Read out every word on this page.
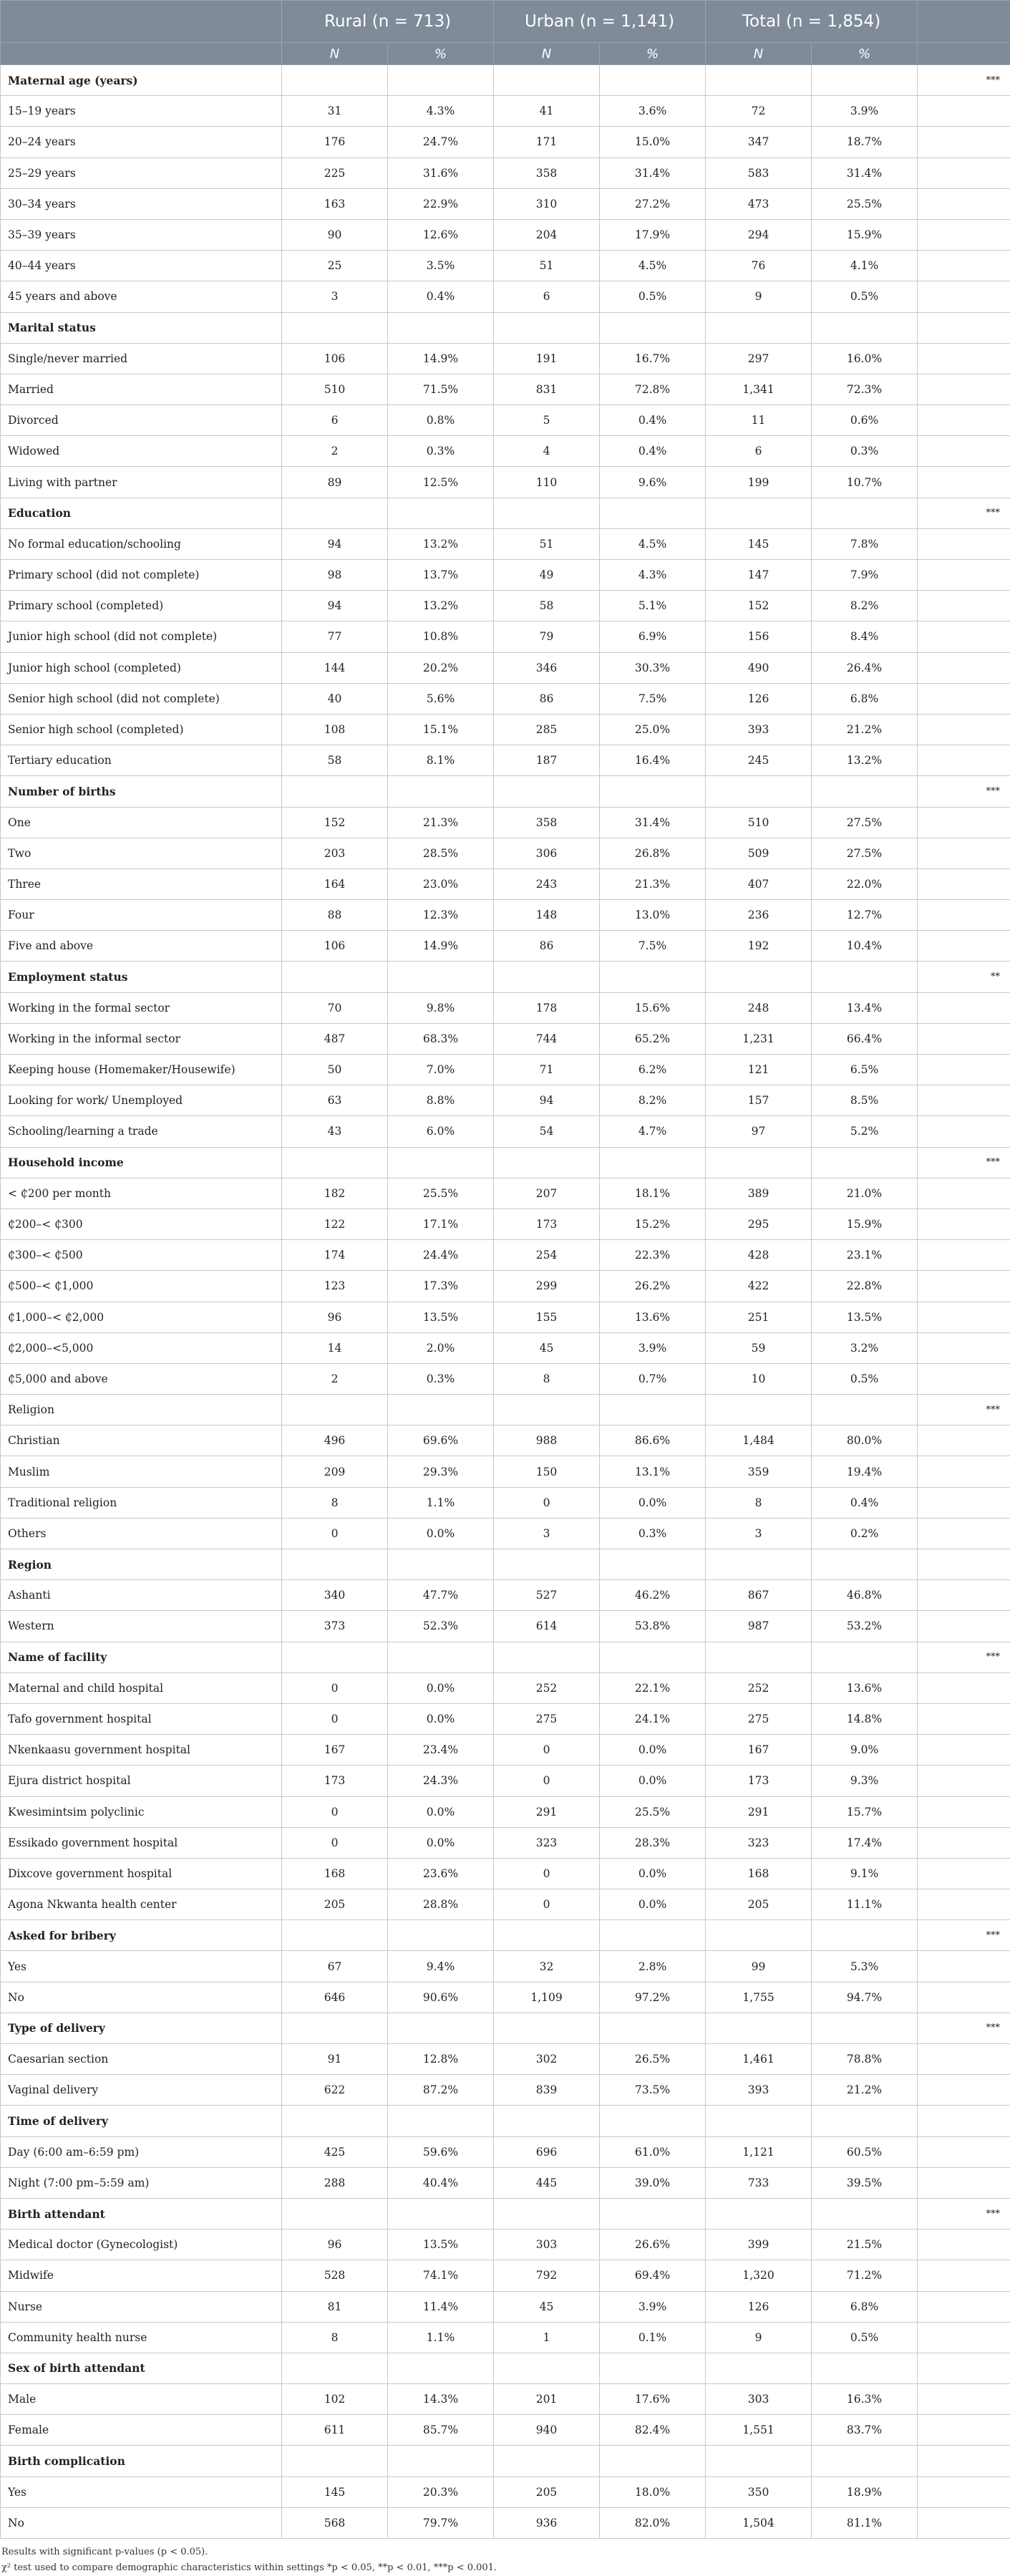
	Rural (n = 713)		Urban (n = 1,141)		Total (n = 1,854)		
	N	%	N	%	N	%	
Maternal age (years)							***
15–19 years	31	4.3%	41	3.6%	72	3.9%	
20–24 years	176	24.7%	171	15.0%	347	18.7%	
25–29 years	225	31.6%	358	31.4%	583	31.4%	
30–34 years	163	22.9%	310	27.2%	473	25.5%	
35–39 years	90	12.6%	204	17.9%	294	15.9%	
40–44 years	25	3.5%	51	4.5%	76	4.1%	
45 years and above	3	0.4%	6	0.5%	9	0.5%	
Marital status							
Single/never married	106	14.9%	191	16.7%	297	16.0%	
Married	510	71.5%	831	72.8%	1,341	72.3%	
Divorced	6	0.8%	5	0.4%	11	0.6%	
Widowed	2	0.3%	4	0.4%	6	0.3%	
Living with partner	89	12.5%	110	9.6%	199	10.7%	
Education							***
No formal education/schooling	94	13.2%	51	4.5%	145	7.8%	
Primary school (did not complete)	98	13.7%	49	4.3%	147	7.9%	
Primary school (completed)	94	13.2%	58	5.1%	152	8.2%	
Junior high school (did not complete)	77	10.8%	79	6.9%	156	8.4%	
Junior high school (completed)	144	20.2%	346	30.3%	490	26.4%	
Senior high school (did not complete)	40	5.6%	86	7.5%	126	6.8%	
Senior high school (completed)	108	15.1%	285	25.0%	393	21.2%	
Tertiary education	58	8.1%	187	16.4%	245	13.2%	
Number of births							***
One	152	21.3%	358	31.4%	510	27.5%	
Two	203	28.5%	306	26.8%	509	27.5%	
Three	164	23.0%	243	21.3%	407	22.0%	
Four	88	12.3%	148	13.0%	236	12.7%	
Five and above	106	14.9%	86	7.5%	192	10.4%	
Employment status							**
Working in the formal sector	70	9.8%	178	15.6%	248	13.4%	
Working in the informal sector	487	68.3%	744	65.2%	1,231	66.4%	
Keeping house (Homemaker/Housewife)	50	7.0%	71	6.2%	121	6.5%	
Looking for work/ Unemployed	63	8.8%	94	8.2%	157	8.5%	
Schooling/learning a trade	43	6.0%	54	4.7%	97	5.2%	
Household income							***
< ₵200 per month	182	25.5%	207	18.1%	389	21.0%	
₵200–< ₵300	122	17.1%	173	15.2%	295	15.9%	
₵300–< ₵500	174	24.4%	254	22.3%	428	23.1%	
₵500–< ₵1,000	123	17.3%	299	26.2%	422	22.8%	
₵1,000–< ₵2,000	96	13.5%	155	13.6%	251	13.5%	
₵2,000–<5,000	14	2.0%	45	3.9%	59	3.2%	
₵5,000 and above	2	0.3%	8	0.7%	10	0.5%	
Religion							***
Christian	496	69.6%	988	86.6%	1,484	80.0%	
Muslim	209	29.3%	150	13.1%	359	19.4%	
Traditional religion	8	1.1%	0	0.0%	8	0.4%	
Others	0	0.0%	3	0.3%	3	0.2%	
Region							
Ashanti	340	47.7%	527	46.2%	867	46.8%	
Western	373	52.3%	614	53.8%	987	53.2%	
Name of facility							***
Maternal and child hospital	0	0.0%	252	22.1%	252	13.6%	
Tafo government hospital	0	0.0%	275	24.1%	275	14.8%	
Nkenkaasu government hospital	167	23.4%	0	0.0%	167	9.0%	
Ejura district hospital	173	24.3%	0	0.0%	173	9.3%	
Kwesimintsim polyclinic	0	0.0%	291	25.5%	291	15.7%	
Essikado government hospital	0	0.0%	323	28.3%	323	17.4%	
Dixcove government hospital	168	23.6%	0	0.0%	168	9.1%	
Agona Nkwanta health center	205	28.8%	0	0.0%	205	11.1%	
Asked for bribery							***
Yes	67	9.4%	32	2.8%	99	5.3%	
No	646	90.6%	1,109	97.2%	1,755	94.7%	
Type of delivery							***
Caesarian section	91	12.8%	302	26.5%	1,461	78.8%	
Vaginal delivery	622	87.2%	839	73.5%	393	21.2%	
Time of delivery							
Day (6:00 am–6:59 pm)	425	59.6%	696	61.0%	1,121	60.5%	
Night (7:00 pm–5:59 am)	288	40.4%	445	39.0%	733	39.5%	
Birth attendant							***
Medical doctor (Gynecologist)	96	13.5%	303	26.6%	399	21.5%	
Midwife	528	74.1%	792	69.4%	1,320	71.2%	
Nurse	81	11.4%	45	3.9%	126	6.8%	
Community health nurse	8	1.1%	1	0.1%	9	0.5%	
Sex of birth attendant							
Male	102	14.3%	201	17.6%	303	16.3%	
Female	611	85.7%	940	82.4%	1,551	83.7%	
Birth complication							
Yes	145	20.3%	205	18.0%	350	18.9%	
No	568	79.7%	936	82.0%	1,504	81.1%	
Results with significant p-values (p < 0.05).
χ² test used to compare demographic characteristics within settings *p < 0.05, **p < 0.01, ***p < 0.001.
